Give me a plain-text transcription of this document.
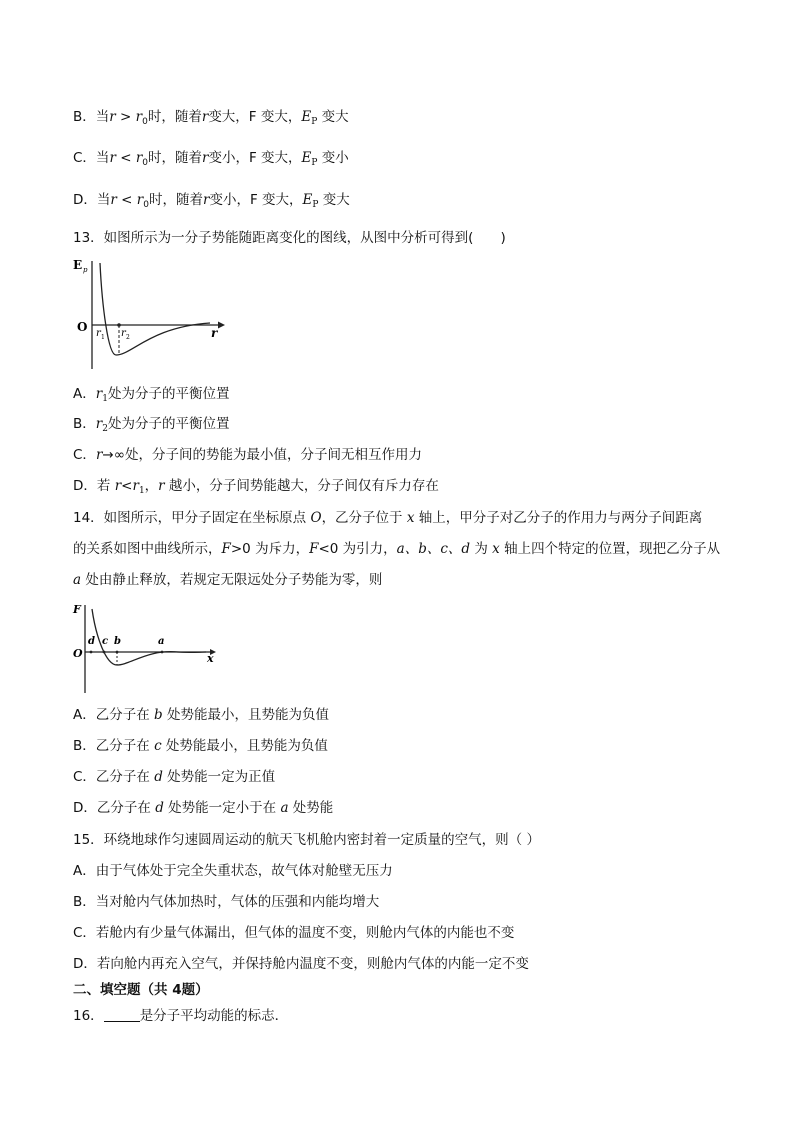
B．当$r > r_0$时，随着r变大，F 变大，$E_P$ 变大
C．当$r < r_0$时，随着r变小，F 变大，$E_P$ 变小
D．当$r < r_0$时，随着r变小，F 变大，$E_P$ 变大
13．如图所示为一分子势能随距离变化的图线，从图中分析可得到(　　)
E p
O	r
r 1 r 2
A．$r_1$处为分子的平衡位置
B．$r_2$处为分子的平衡位置
C．r→∞处，分子间的势能为最小值，分子间无相互作用力
D．若 $r<r_1$，r 越小，分子间势能越大，分子间仅有斥力存在
14．如图所示，甲分子固定在坐标原点 O，乙分子位于 x 轴上，甲分子对乙分子的作用力与两分子间距离
的关系如图中曲线所示，F>0 为斥力，F<0 为引力，a、b、c、d 为 x 轴上四个特定的位置，现把乙分子从
a 处由静止释放，若规定无限远处分子势能为零，则
F
O	x
d c b	a
A．乙分子在 b 处势能最小，且势能为负值
B．乙分子在 c 处势能最小，且势能为负值
C．乙分子在 d 处势能一定为正值
D．乙分子在 d 处势能一定小于在 a 处势能
15．环绕地球作匀速圆周运动的航天飞机舱内密封着一定质量的空气，则（ ）
A．由于气体处于完全失重状态，故气体对舱壁无压力
B．当对舱内气体加热时，气体的压强和内能均增大
C．若舱内有少量气体漏出，但气体的温度不变，则舱内气体的内能也不变
D．若向舱内再充入空气，并保持舱内温度不变，则舱内气体的内能一定不变
二、填空题（共 4题）
16．	是分子平均动能的标志．
